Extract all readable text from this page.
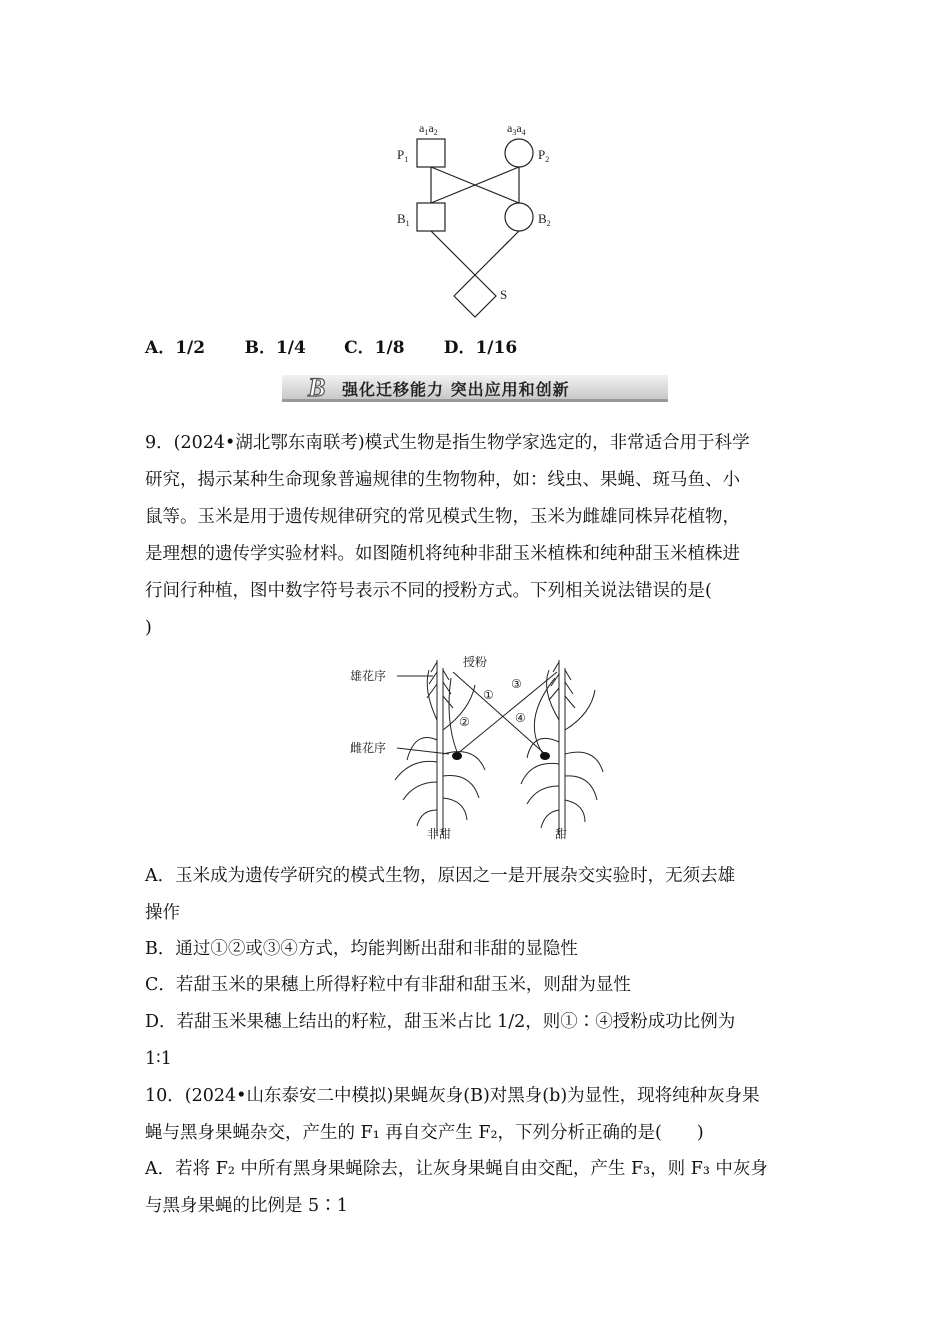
$a_1a_2$	$a_3a_4$
$P_1$	$P_2$
$B_1$	$B_2$
S
A．1/2 B．1/4 C．1/8 D．1/16
B 强化迁移能力 突出应用和创新
9．(2024•湖北鄂东南联考)模式生物是指生物学家选定的，非常适合用于科学
研究，揭示某种生命现象普遍规律的生物物种，如：线虫、果蝇、斑马鱼、小
鼠等。玉米是用于遗传规律研究的常见模式生物，玉米为雌雄同株异花植物，
是理想的遗传学实验材料。如图随机将纯种非甜玉米植株和纯种甜玉米植株进
行间行种植，图中数字符号表示不同的授粉方式。下列相关说法错误的是(
)
雄花序
授粉
雌花序
非甜	甜
①
②
③
④
A．玉米成为遗传学研究的模式生物，原因之一是开展杂交实验时，无须去雄
操作
B．通过①②或③④方式，均能判断出甜和非甜的显隐性
C．若甜玉米的果穗上所得籽粒中有非甜和甜玉米，则甜为显性
D．若甜玉米果穗上结出的籽粒，甜玉米占比 1/2，则①∶④授粉成功比例为
1∶1
10．(2024•山东泰安二中模拟)果蝇灰身(B)对黑身(b)为显性，现将纯种灰身果
蝇与黑身果蝇杂交，产生的 F₁ 再自交产生 F₂，下列分析正确的是(　　)
A．若将 F₂ 中所有黑身果蝇除去，让灰身果蝇自由交配，产生 F₃，则 F₃ 中灰身
与黑身果蝇的比例是 5∶1
